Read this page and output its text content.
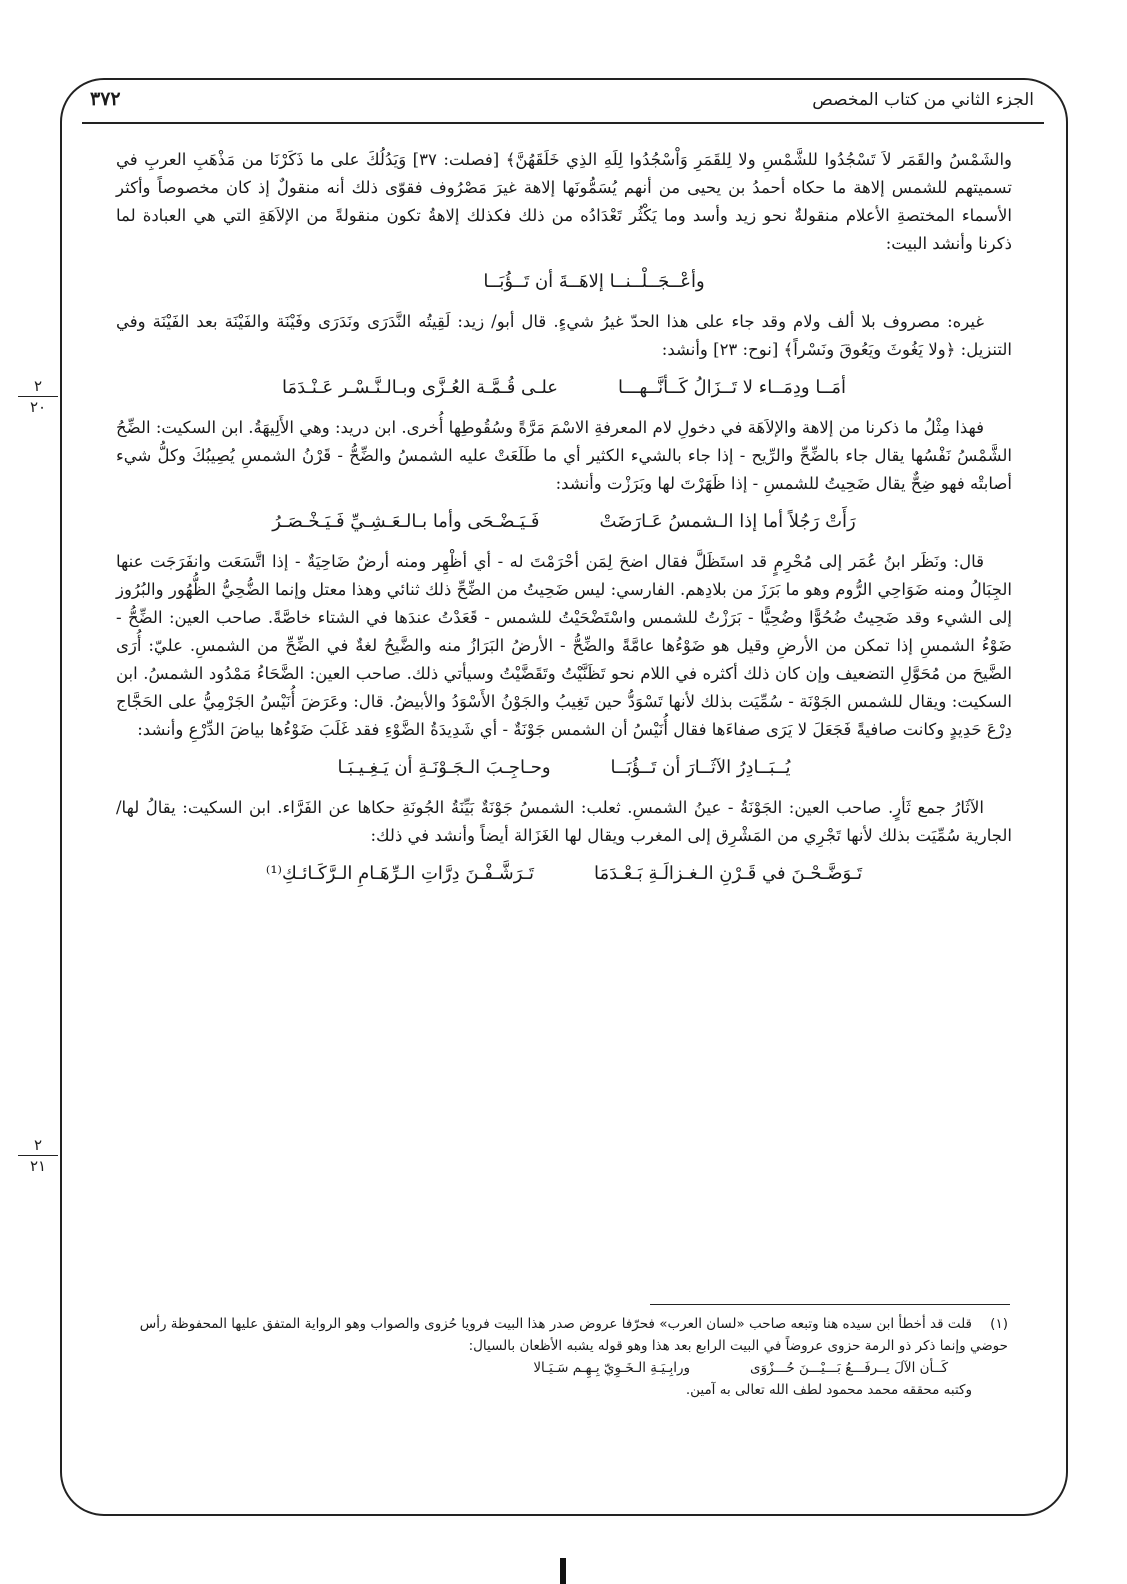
الجزء الثاني من كتاب المخصص
٣٧٢
٢
٢٠
٢
٢١

والشَمْسُ والقَمَر لاَ تَسْجُدُوا للشَّمْسِ ولا لِلقَمَرِ وَاْسْجُدُوا لِلَهِ الذِي خَلَقَهُنَّ﴾ [فصلت: ٣٧] وَيَدُلُكَ على ما ذَكَرْنَا من مَذْهَبِ العربِ في تسميتهم للشمس إلاهة ما حكاه أحمدُ بن يحيى من أنهم يُسَمُّونَها إلاهة غيرَ مَصْرُوف فقوّى ذلك أنه منقولٌ إذ كان مخصوصاً وأكثر الأسماء المختصةِ الأعلام منقولةٌ نحو زيد وأسد وما يَكْثُر تَعْدَادُه من ذلك فكذلك إلاهةُ تكون منقولةً من الإلاَهَةِ التي هي العبادة لما ذكرنا وأنشد البيت:

وأعْــجَــلْــنــا إلاهَــةَ أن تَــؤُبَــا

غيره: مصروف بلا ألف ولام وقد جاء على هذا الحدّ غيرُ شيءٍ. قال أبو/ زيد: لَقِيتُه النَّدَرَى ونَدَرَى وفَيْنَة والفَيْنَة بعد الفَيْنَة وفي التنزيل: ﴿ولا يَغُوثَ ويَعُوقَ ونَسْراً﴾ [نوح: ٢٣] وأنشد:

أمَــا ودِمَــاء لا تَــزَالُ كَــأنَّــهـــا
علـى قُـمَّـة العُـزَّى وبـالـنَّـسْـر عَـنْـدَمَا

فهذا مِثْلُ ما ذكرنا من إلاهة والإلاَهَة في دخولِ لام المعرفةِ الاسْمَ مَرَّةً وسُقُوطِها أُخرى. ابن دريد: وهي الأَلِيهَةُ. ابن السكيت: الضِّحُ الشَّمْسُ نَفْسُها يقال جاء بالضِّحِّ والرِّيح - إذا جاء بالشيء الكثير أي ما طَلَعَتْ عليه الشمسُ والضِّحُّ - قَرْنُ الشمسِ يُصِيبُكَ وكلُّ شيء أصابتْه فهو ضِحٌّ يقال ضَحِيتُ للشمسِ - إذا ظَهَرْتَ لها وبَرَزْت وأنشد:

رَأَتْ رَجُلاً أما إذا الـشمسُ عَـارَضَتْ
فَـيَـضْـحَى وأما بـالـعَـشِـيِّ فَـيَـخْـصَـرُ

قال: ونَظَر ابنُ عُمَر إلى مُحْرِمٍ قد استَظَلَّ فقال اضحَ لِمَن أحْرَمْتَ له - أي أظْهِر ومنه أرضٌ ضَاحِيَةٌ - إذا اتَّسَعَت وانفَرَجَت عنها الجِبَالُ ومنه ضَوَاحِي الرُّوم وهو ما بَرَزَ من بلادِهم. الفارسي: ليس ضَحِيتُ من الضِّحِّ ذلك ثنائي وهذا معتل وإنما الضُّحِيُّ الظُّهُور والبُرُوز إلى الشيء وقد ضَحِيتُ ضُحُوًّا وضُحِيًّا - بَرَزْتُ للشمس واسْتَضْحَيْتُ للشمس - قَعَدْتُ عندَها في الشتاء خاصَّةً. صاحب العين: الضِّحُّ - ضَوْءُ الشمسِ إذا تمكن من الأرضِ وقيل هو ضَوْءُها عامَّةً والضِّحُّ - الأرضُ البَرَازُ منه والضَّيحُ لغةٌ في الضِّحِّ من الشمسِ. عليّ: أُرَى الضَّيحَ من مُحَوَّلِ التضعيف وإن كان ذلك أكثره في اللام نحو تَظَنَّيْتُ وتَقَضَّيْتُ وسيأتي ذلك. صاحب العين: الضَّحَاءُ مَمْدُود الشمسُ. ابن السكيت: ويقال للشمس الجَوْنَة - سُمِّيَت بذلك لأنها تَسْوَدُّ حين تَغِيبُ والجَوْنُ الأَسْوَدُ والأبيضُ. قال: وعَرَضَ أُنَيْسُ الجَرْمِيُّ على الحَجَّاج دِرْعَ حَدِيدٍ وكانت صافيةً فَجَعَلَ لا يَرَى صفاءَها فقال أُنَيْسُ أن الشمس جَوْنَةٌ - أي شَدِيدَةُ الضَّوْءِ فقد غَلَبَ ضَوْءُها بياضَ الدِّرْعِ وأنشد:

يُــبَــادِرُ الآثَــارَ أن تَــؤُبَــا
وحـاجِـبَ الـجَـوْنَـةِ أن يَـغِـيـبَـا

الآثَارُ جمع ثَأرٍ. صاحب العين: الجَوْنَةُ - عينُ الشمسِ. ثعلب: الشمسُ جَوْنَةٌ بَيِّنَةُ الجُونَةِ حكاها عن الفَرَّاء. ابن السكيت: يقالُ لها/ الجارية سُمِّيَت بذلك لأنها تَجْرِي من المَشْرِق إلى المغرب ويقال لها الغَزَالة أيضاً وأنشد في ذلك:

تَـوَضَّـحْـنَ في قَـرْنِ الـغـزالَـةِ بَـعْـدَمَا
تَـرَشَّـفْـنَ دِرَّاتِ الـرِّهَـامِ الـرَّكَـائـكِ⁽¹⁾

(١)قلت قد أخطأ ابن سيده هنا وتبعه صاحب «لسان العرب» فحرّفا عروض صدر هذا البيت فرويا حُزوى والصواب وهو الرواية المتفق عليها المحفوظة رأس حوضي وإنما ذكر ذو الرمة حزوى عروضاً في البيت الرابع بعد هذا وهو قوله يشبه الأظعان بالسيال:

كَــأن الآلَ يــرفَـــعُ بَـــيْـــنَ حُـــزْوَى
ورابِـيَـةِ الـخَـوِيّ بِـهِـم سَـيَـالا

وكتبه محققه محمد محمود لطف الله تعالى به آمين.
